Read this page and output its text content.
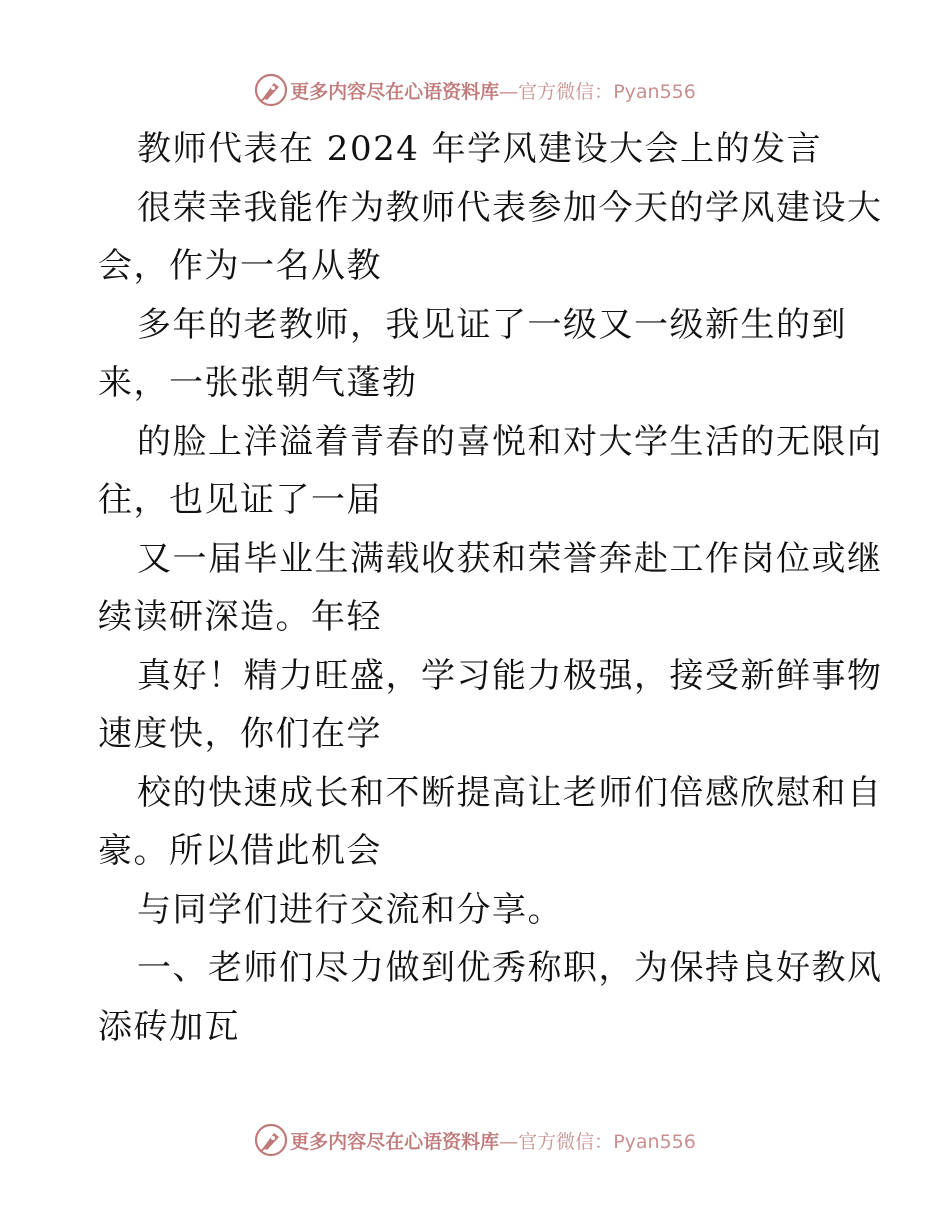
更多内容尽在心语资料库—官方微信：Pyan556
教师代表在 2024 年学风建设大会上的发言
很荣幸我能作为教师代表参加今天的学风建设大
会，作为一名从教
多年的老教师，我见证了一级又一级新生的到
来，一张张朝气蓬勃
的脸上洋溢着青春的喜悦和对大学生活的无限向
往，也见证了一届
又一届毕业生满载收获和荣誉奔赴工作岗位或继
续读研深造。年轻
真好！精力旺盛，学习能力极强，接受新鲜事物
速度快，你们在学
校的快速成长和不断提高让老师们倍感欣慰和自
豪。所以借此机会
与同学们进行交流和分享。
一、老师们尽力做到优秀称职，为保持良好教风
添砖加瓦
更多内容尽在心语资料库—官方微信：Pyan556
